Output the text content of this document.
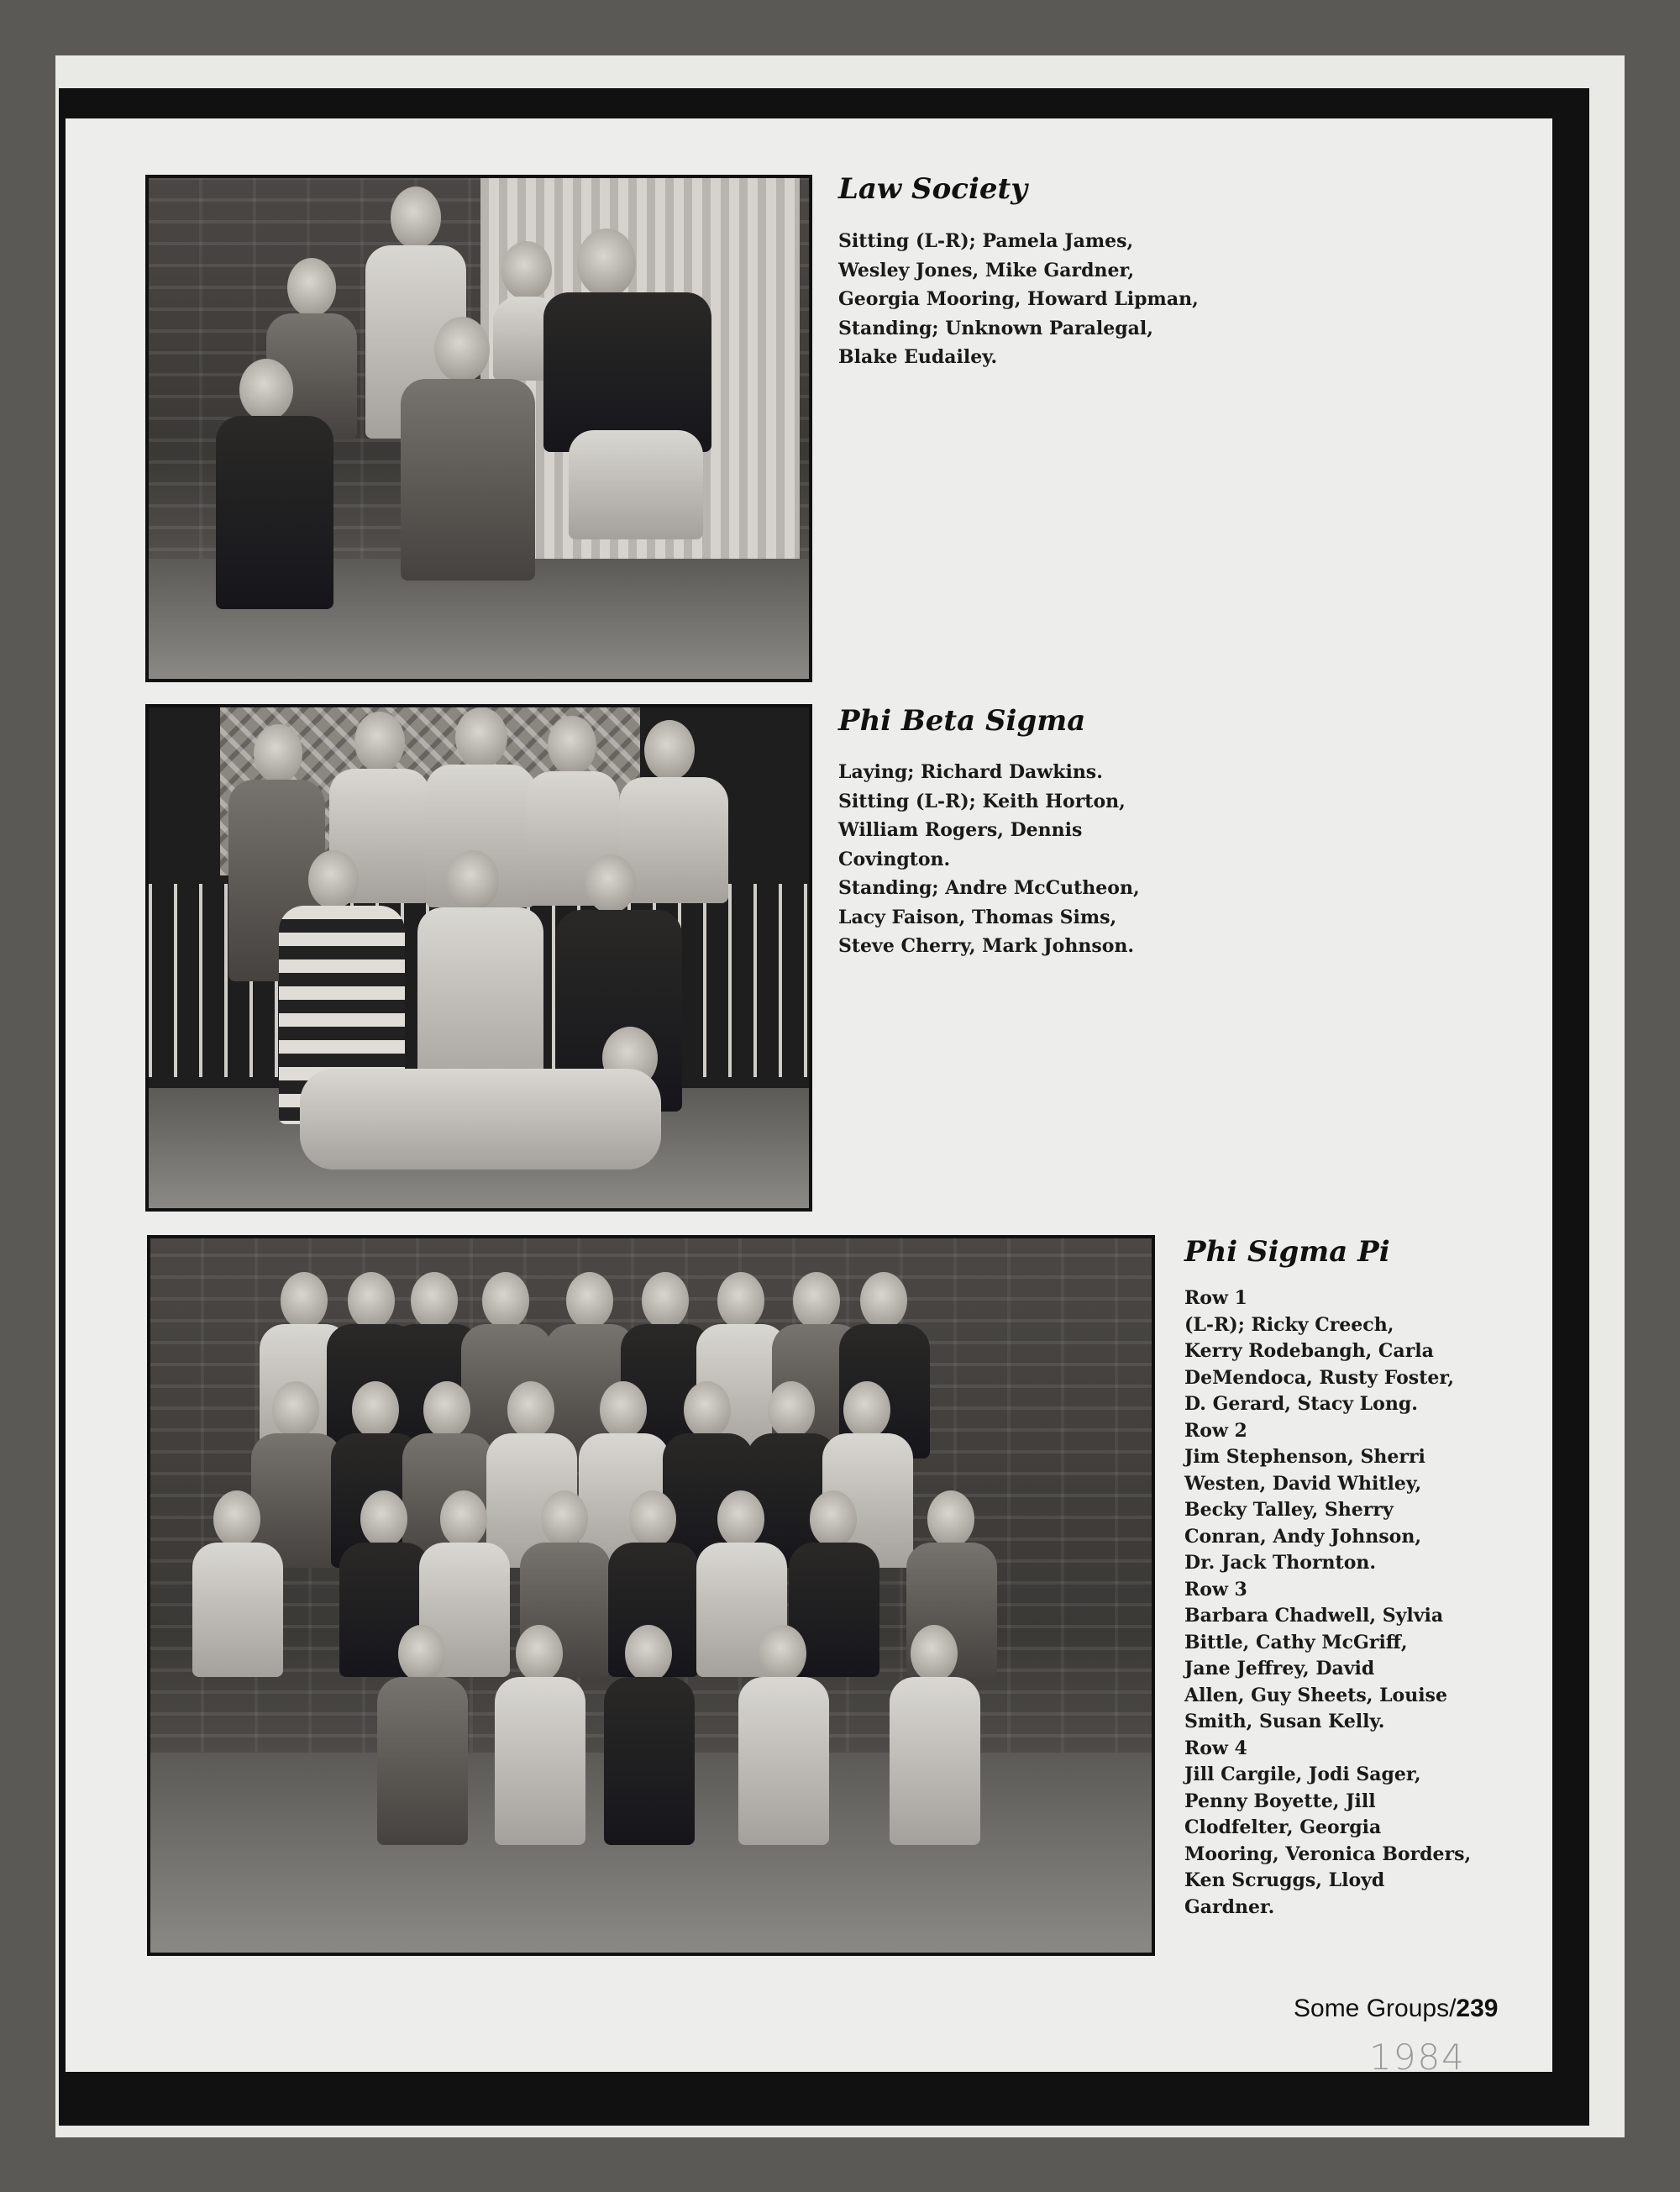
Law Society
Sitting (L-R); Pamela James,
Wesley Jones, Mike Gardner,
Georgia Mooring, Howard Lipman,
Standing; Unknown Paralegal,
Blake Eudailey.
Phi Beta Sigma
Laying; Richard Dawkins.
Sitting (L-R); Keith Horton,
William Rogers, Dennis
Covington.
Standing; Andre McCutheon,
Lacy Faison, Thomas Sims,
Steve Cherry, Mark Johnson.
Phi Sigma Pi
Row 1
(L-R); Ricky Creech,
Kerry Rodebangh, Carla
DeMendoca, Rusty Foster,
D. Gerard, Stacy Long.
Row 2
Jim Stephenson, Sherri
Westen, David Whitley,
Becky Talley, Sherry
Conran, Andy Johnson,
Dr. Jack Thornton.
Row 3
Barbara Chadwell, Sylvia
Bittle, Cathy McGriff,
Jane Jeffrey, David
Allen, Guy Sheets, Louise
Smith, Susan Kelly.
Row 4
Jill Cargile, Jodi Sager,
Penny Boyette, Jill
Clodfelter, Georgia
Mooring, Veronica Borders,
Ken Scruggs, Lloyd
Gardner.
Some Groups/239
1984
